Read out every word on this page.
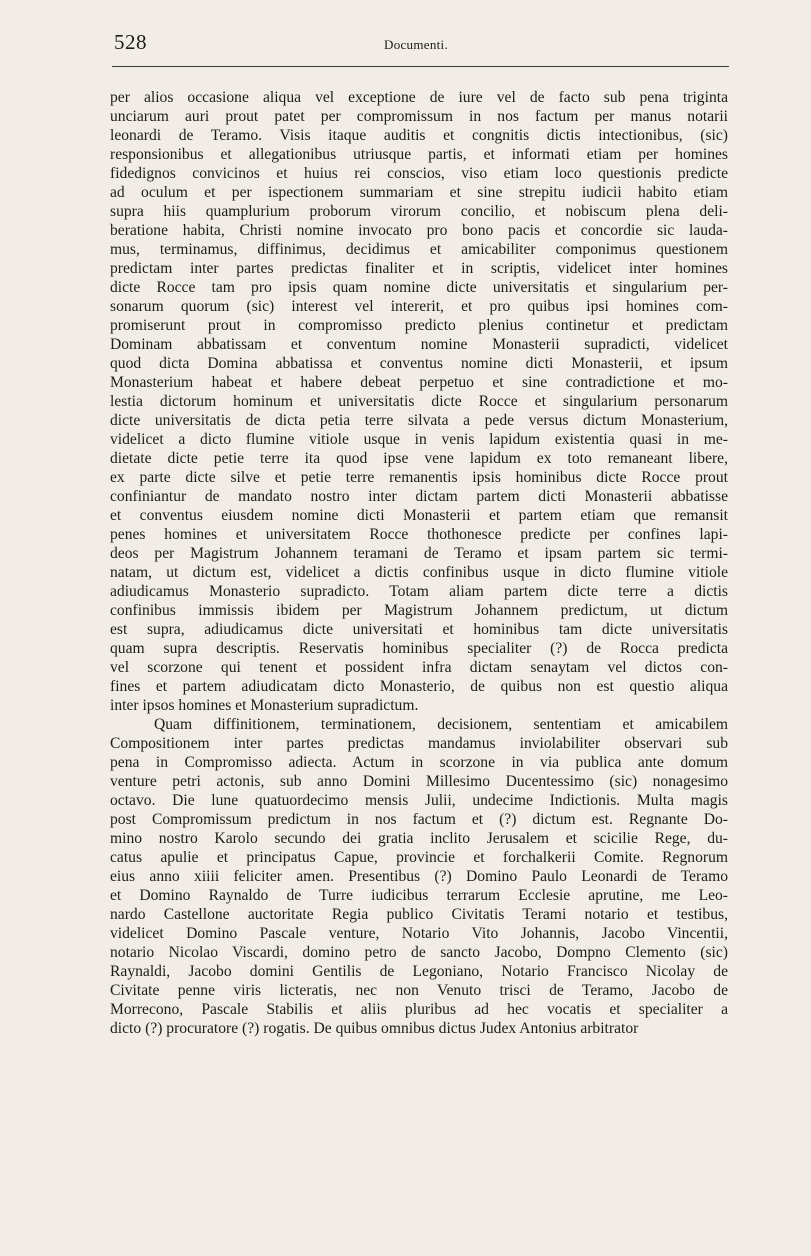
528	Documenti.
per alios occasione aliqua vel exceptione de iure vel de facto sub pena triginta
unciarum auri prout patet per compromissum in nos factum per manus notarii
leonardi de Teramo. Visis itaque auditis et congnitis dictis intectionibus, (sic)
responsionibus et allegationibus utriusque partis, et informati etiam per homines
fidedignos convicinos et huius rei conscios, viso etiam loco questionis predicte
ad oculum et per ispectionem summariam et sine strepitu iudicii habito etiam
supra hiis quamplurium proborum virorum concilio, et nobiscum plena deli-
beratione habita, Christi nomine invocato pro bono pacis et concordie sic lauda-
mus, terminamus, diffinimus, decidimus et amicabiliter componimus questionem
predictam inter partes predictas finaliter et in scriptis, videlicet inter homines
dicte Rocce tam pro ipsis quam nomine dicte universitatis et singularium per-
sonarum quorum (sic) interest vel intererit, et pro quibus ipsi homines com-
promiserunt prout in compromisso predicto plenius continetur et predictam
Dominam abbatissam et conventum nomine Monasterii supradicti, videlicet
quod dicta Domina abbatissa et conventus nomine dicti Monasterii, et ipsum
Monasterium habeat et habere debeat perpetuo et sine contradictione et mo-
lestia dictorum hominum et universitatis dicte Rocce et singularium personarum
dicte universitatis de dicta petia terre silvata a pede versus dictum Monasterium,
videlicet a dicto flumine vitiole usque in venis lapidum existentia quasi in me-
dietate dicte petie terre ita quod ipse vene lapidum ex toto remaneant libere,
ex parte dicte silve et petie terre remanentis ipsis hominibus dicte Rocce prout
confiniantur de mandato nostro inter dictam partem dicti Monasterii abbatisse
et conventus eiusdem nomine dicti Monasterii et partem etiam que remansit
penes homines et universitatem Rocce thothonesce predicte per confines lapi-
deos per Magistrum Johannem teramani de Teramo et ipsam partem sic termi-
natam, ut dictum est, videlicet a dictis confinibus usque in dicto flumine vitiole
adiudicamus Monasterio supradicto. Totam aliam partem dicte terre a dictis
confinibus immissis ibidem per Magistrum Johannem predictum, ut dictum
est supra, adiudicamus dicte universitati et hominibus tam dicte universitatis
quam supra descriptis. Reservatis hominibus specialiter (?) de Rocca predicta
vel scorzone qui tenent et possident infra dictam senaytam vel dictos con-
fines et partem adiudicatam dicto Monasterio, de quibus non est questio aliqua
inter ipsos homines et Monasterium supradictum.
Quam diffinitionem, terminationem, decisionem, sententiam et amicabilem
Compositionem inter partes predictas mandamus inviolabiliter observari sub
pena in Compromisso adiecta. Actum in scorzone in via publica ante domum
venture petri actonis, sub anno Domini Millesimo Ducentessimo (sic) nonagesimo
octavo. Die lune quatuordecimo mensis Julii, undecime Indictionis. Multa magis
post Compromissum predictum in nos factum et (?) dictum est. Regnante Do-
mino nostro Karolo secundo dei gratia inclito Jerusalem et scicilie Rege, du-
catus apulie et principatus Capue, provincie et forchalkerii Comite. Regnorum
eius anno xiiii feliciter amen. Presentibus (?) Domino Paulo Leonardi de Teramo
et Domino Raynaldo de Turre iudicibus terrarum Ecclesie aprutine, me Leo-
nardo Castellone auctoritate Regia publico Civitatis Terami notario et testibus,
videlicet Domino Pascale venture, Notario Vito Johannis, Jacobo Vincentii,
notario Nicolao Viscardi, domino petro de sancto Jacobo, Dompno Clemento (sic)
Raynaldi, Jacobo domini Gentilis de Legoniano, Notario Francisco Nicolay de
Civitate penne viris licteratis, nec non Venuto trisci de Teramo, Jacobo de
Morrecono, Pascale Stabilis et aliis pluribus ad hec vocatis et specialiter a
dicto (?) procuratore (?) rogatis. De quibus omnibus dictus Judex Antonius arbitrator
